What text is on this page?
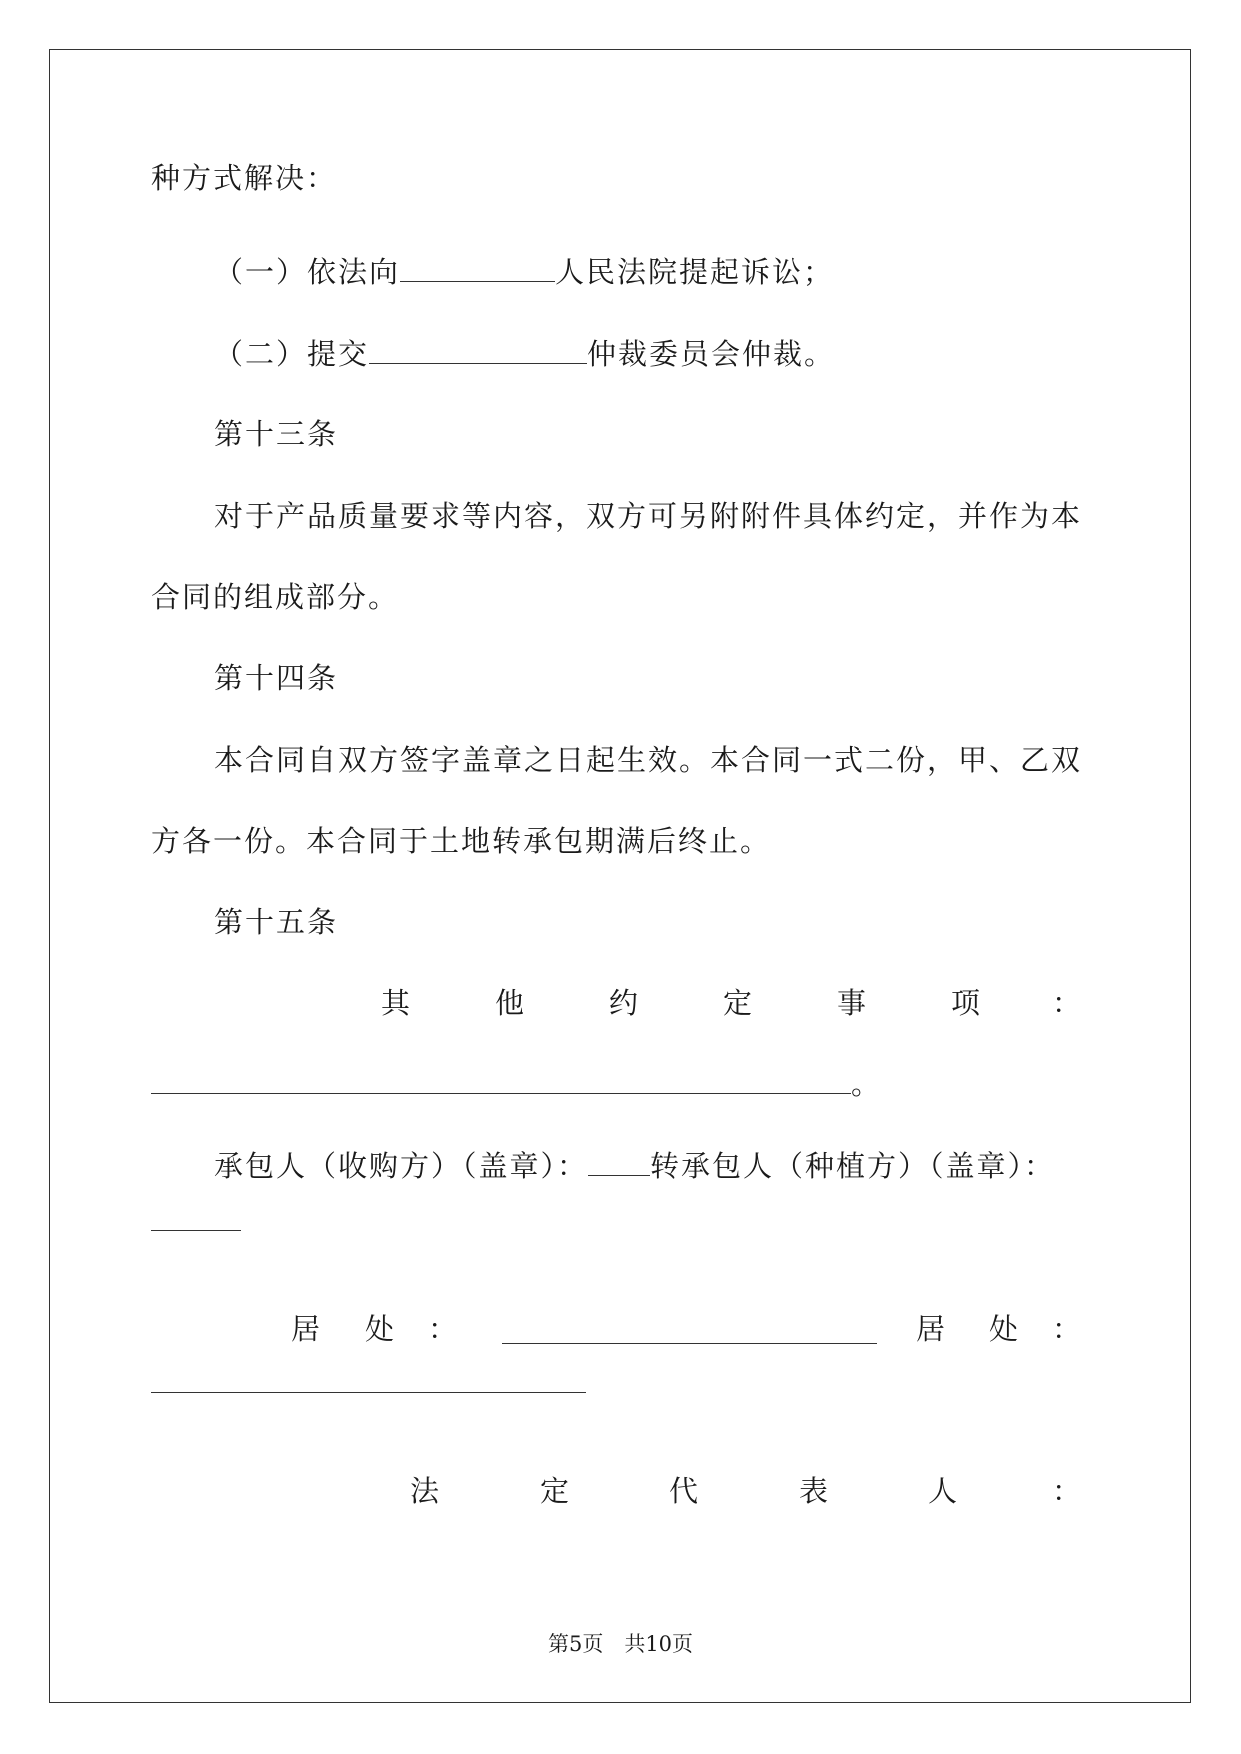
种方式解决：
（一）依法向	人民法院提起诉讼；
（二）提交	仲裁委员会仲裁。
第十三条
对于产品质量要求等内容，双方可另附附件具体约定，并作为本
合同的组成部分。
第十四条
本合同自双方签字盖章之日起生效。本合同一式二份，甲、乙双
方各一份。本合同于土地转承包期满后终止。
第十五条
其	他	约	定	事	项 ：
。
承包人（收购方）（盖章）： 转承包人（种植方）（盖章）：
居 处 ：	居 处 ：
法	定	代	表	人	：
第5页　共10页
